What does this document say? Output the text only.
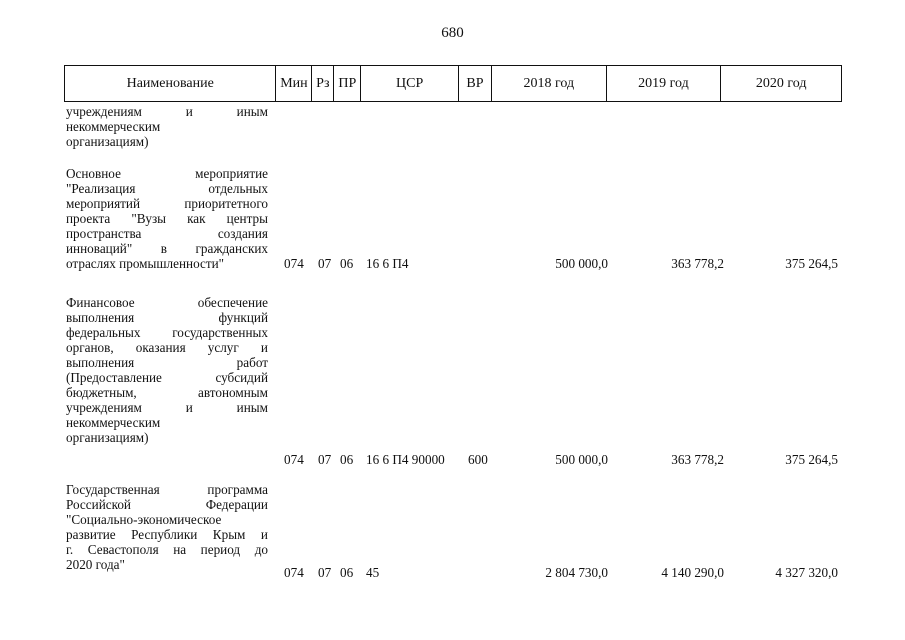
680
Наименование	Мин Рз ПР	ЦСР	ВР	2018 год	2019 год	2020 год
учреждениям и иным
некоммерческим
организациям)
Основное мероприятие
"Реализация отдельных
мероприятий приоритетного
проекта "Вузы как центры
пространства создания
инноваций" в гражданских
отраслях промышленности"	074 07 06 16 6 П4	500 000,0	363 778,2	375 264,5
Финансовое обеспечение
выполнения функций
федеральных государственных
органов, оказания услуг и
выполнения работ
(Предоставление субсидий
бюджетным, автономным
учреждениям и иным
некоммерческим
организациям)
074 07 06 16 6 П4 90000 600	500 000,0	363 778,2	375 264,5
Государственная программа
Российской Федерации
"Социально-экономическое
развитие Республики Крым и
г. Севастополя на период до
2020 года"
074 07 06 45	2 804 730,0	4 140 290,0	4 327 320,0
